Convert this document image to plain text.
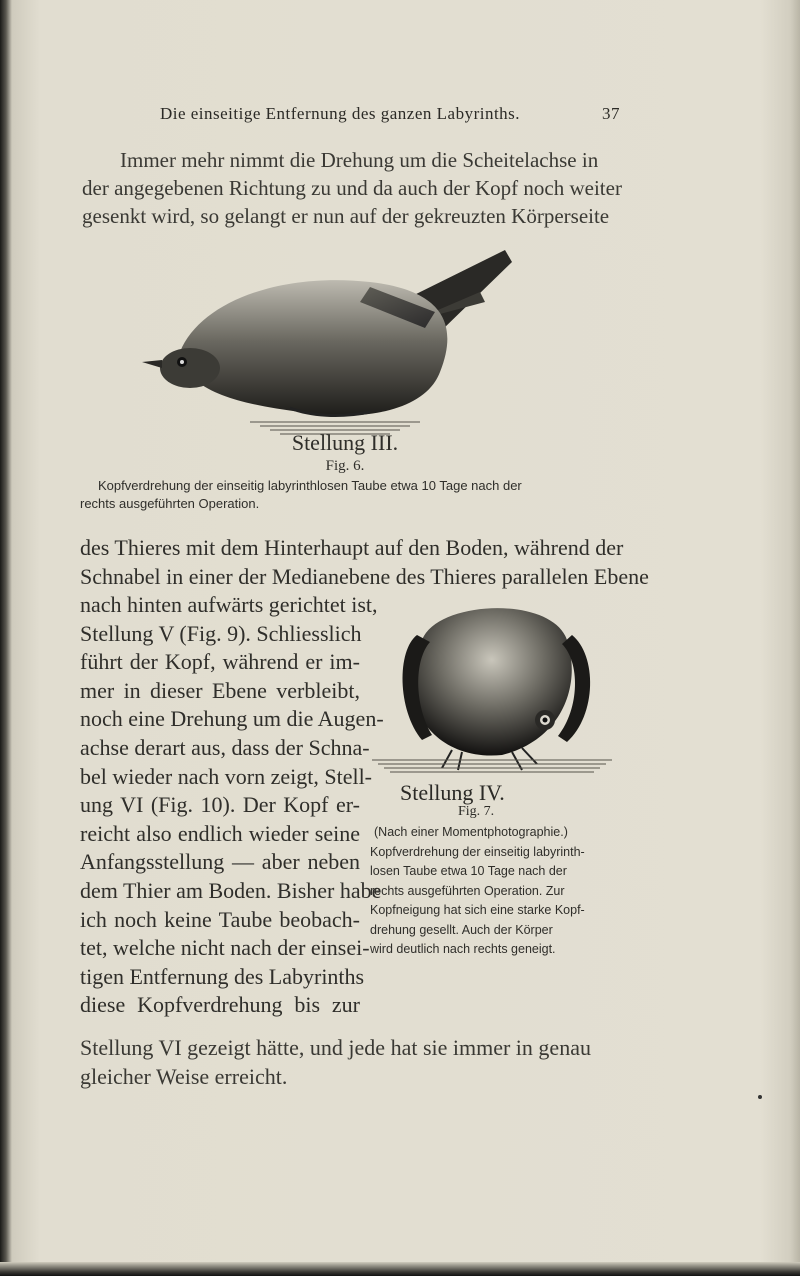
Die einseitige Entfernung des ganzen Labyrinths.	37
Immer mehr nimmt die Drehung um die Scheitelachse in
der angegebenen Richtung zu und da auch der Kopf noch weiter
gesenkt wird, so gelangt er nun auf der gekreuzten Körperseite
Stellung III.
Fig. 6.
Kopfverdrehung der einseitig labyrinthlosen Taube etwa 10 Tage nach der
rechts ausgeführten Operation.
des Thieres mit dem Hinterhaupt auf den Boden, während der
Schnabel in einer der Medianebene des Thieres parallelen Ebene
nach hinten aufwärts gerichtet ist,
Stellung V (Fig. 9). Schliesslich
führt der Kopf, während er im-
mer in dieser Ebene verbleibt,
noch eine Drehung um die Augen-
achse derart aus, dass der Schna-
bel wieder nach vorn zeigt, Stell-
ung VI (Fig. 10). Der Kopf er-
reicht also endlich wieder seine
Anfangsstellung — aber neben
dem Thier am Boden. Bisher habe
ich noch keine Taube beobach-
tet, welche nicht nach der einsei-
tigen Entfernung des Labyrinths
diese Kopfverdrehung bis zur
Stellung IV.
Fig. 7.
(Nach einer Momentphotographie.)
Kopfverdrehung der einseitig labyrinth-
losen Taube etwa 10 Tage nach der
rechts ausgeführten Operation. Zur
Kopfneigung hat sich eine starke Kopf-
drehung gesellt. Auch der Körper
wird deutlich nach rechts geneigt.
Stellung VI gezeigt hätte, und jede hat sie immer in genau
gleicher Weise erreicht.
